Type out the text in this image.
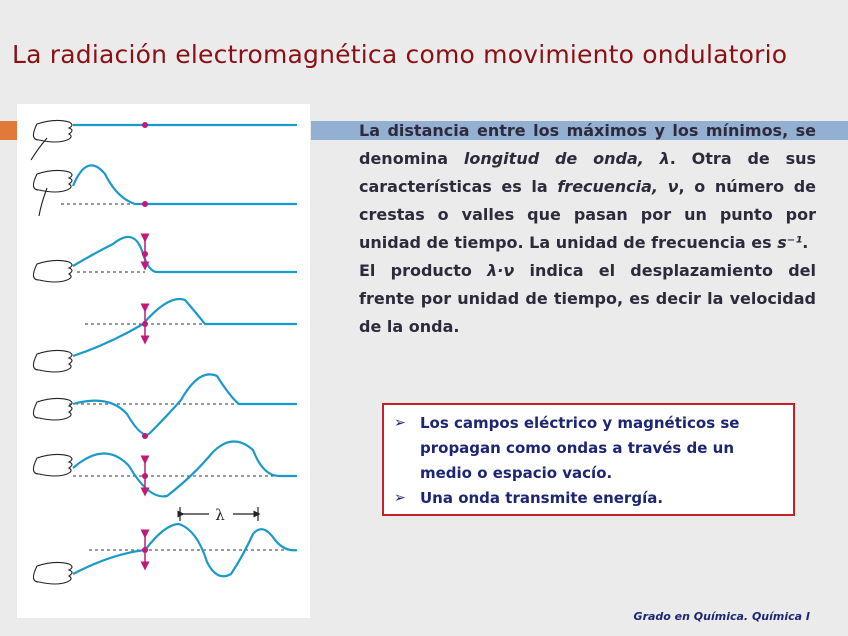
La radiación electromagnética como movimiento ondulatorio
λ

La distancia entre los máximos y los mínimos, se denomina longitud de onda, λ. Otra de sus características es la frecuencia, ν, o número de crestas o valles que pasan por un punto por unidad de tiempo. La unidad de frecuencia es s⁻¹.

El producto λ·ν indica el desplazamiento del frente por unidad de tiempo, es decir la velocidad de la onda.

➢ Los campos eléctrico y magnéticos se propagan como ondas a través de un medio o espacio vacío.
➢ Una onda transmite energía.
Grado en Química. Química I
